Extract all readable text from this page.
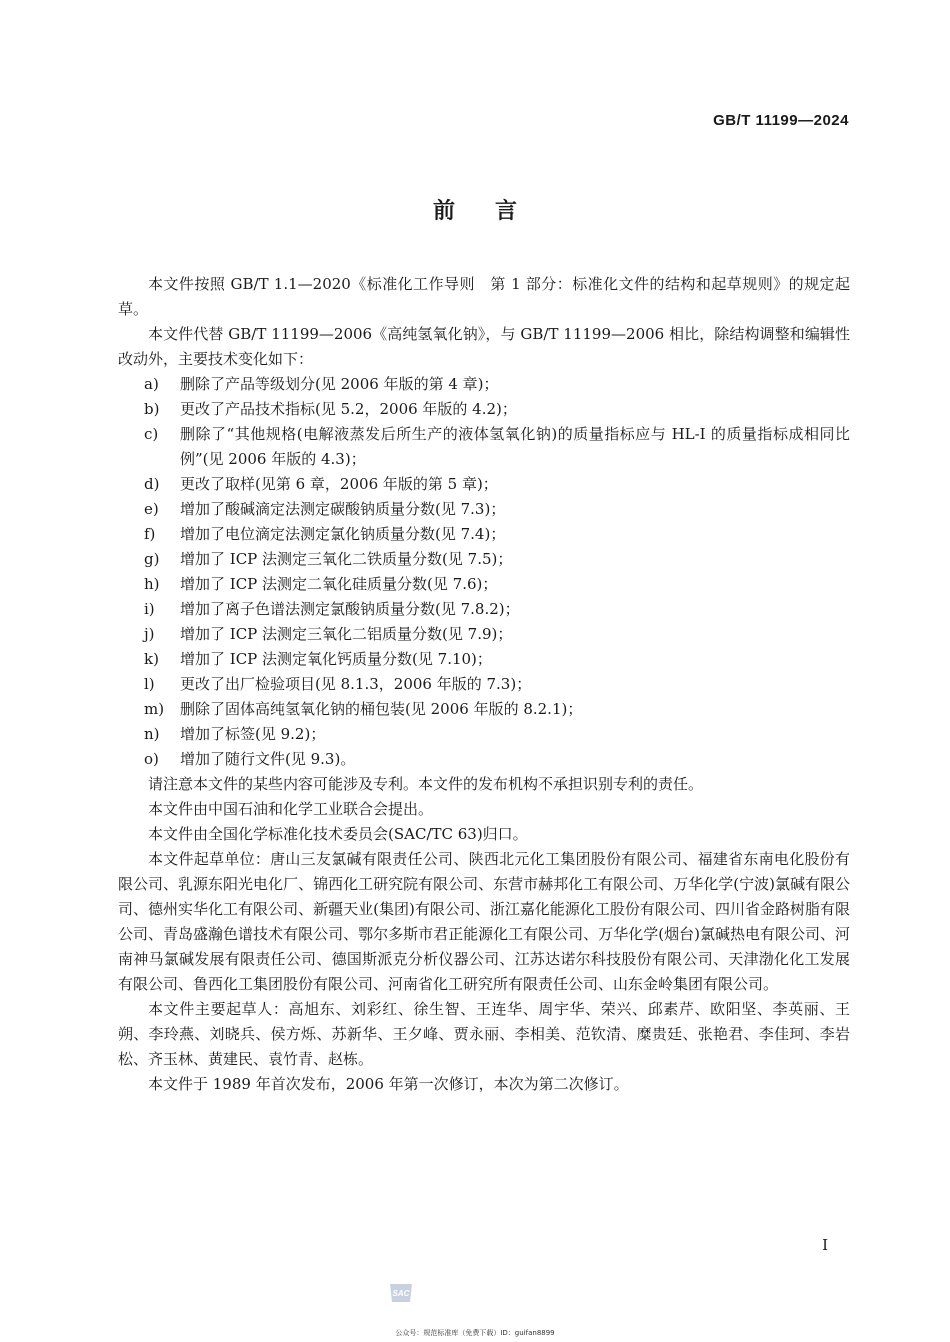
GB/T 11199—2024
前言

本文件按照 GB/T 1.1—2020《标准化工作导则　第 1 部分：标准化文件的结构和起草规则》的规定起草。

本文件代替 GB/T 11199—2006《高纯氢氧化钠》，与 GB/T 11199—2006 相比，除结构调整和编辑性改动外，主要技术变化如下：

a)	删除了产品等级划分(见 2006 年版的第 4 章)；
b)	更改了产品技术指标(见 5.2，2006 年版的 4.2)；
c)	删除了“其他规格(电解液蒸发后所生产的液体氢氧化钠)的质量指标应与 HL-I 的质量指标成相同比例”(见 2006 年版的 4.3)；
d)	更改了取样(见第 6 章，2006 年版的第 5 章)；
e)	增加了酸碱滴定法测定碳酸钠质量分数(见 7.3)；
f)	增加了电位滴定法测定氯化钠质量分数(见 7.4)；
g)	增加了 ICP 法测定三氧化二铁质量分数(见 7.5)；
h)	增加了 ICP 法测定二氧化硅质量分数(见 7.6)；
i)	增加了离子色谱法测定氯酸钠质量分数(见 7.8.2)；
j)	增加了 ICP 法测定三氧化二铝质量分数(见 7.9)；
k)	增加了 ICP 法测定氧化钙质量分数(见 7.10)；
l)	更改了出厂检验项目(见 8.1.3，2006 年版的 7.3)；
m)	删除了固体高纯氢氧化钠的桶包装(见 2006 年版的 8.2.1)；
n)	增加了标签(见 9.2)；
o)	增加了随行文件(见 9.3)。

请注意本文件的某些内容可能涉及专利。本文件的发布机构不承担识别专利的责任。

本文件由中国石油和化学工业联合会提出。

本文件由全国化学标准化技术委员会(SAC/TC 63)归口。

本文件起草单位：唐山三友氯碱有限责任公司、陕西北元化工集团股份有限公司、福建省东南电化股份有限公司、乳源东阳光电化厂、锦西化工研究院有限公司、东营市赫邦化工有限公司、万华化学(宁波)氯碱有限公司、德州实华化工有限公司、新疆天业(集团)有限公司、浙江嘉化能源化工股份有限公司、四川省金路树脂有限公司、青岛盛瀚色谱技术有限公司、鄂尔多斯市君正能源化工有限公司、万华化学(烟台)氯碱热电有限公司、河南神马氯碱发展有限责任公司、德国斯派克分析仪器公司、江苏达诺尔科技股份有限公司、天津渤化化工发展有限公司、鲁西化工集团股份有限公司、河南省化工研究所有限责任公司、山东金岭集团有限公司。

本文件主要起草人：高旭东、刘彩红、徐生智、王连华、周宇华、荣兴、邱素芹、欧阳坚、李英丽、王朔、李玲燕、刘晓兵、侯方烁、苏新华、王夕峰、贾永丽、李相美、范钦清、糜贵廷、张艳君、李佳珂、李岩松、齐玉林、黄建民、袁竹青、赵栋。

本文件于 1989 年首次发布，2006 年第一次修订，本次为第二次修订。

I
SAC
公众号：规范标准库（免费下载）ID：guifan8899
